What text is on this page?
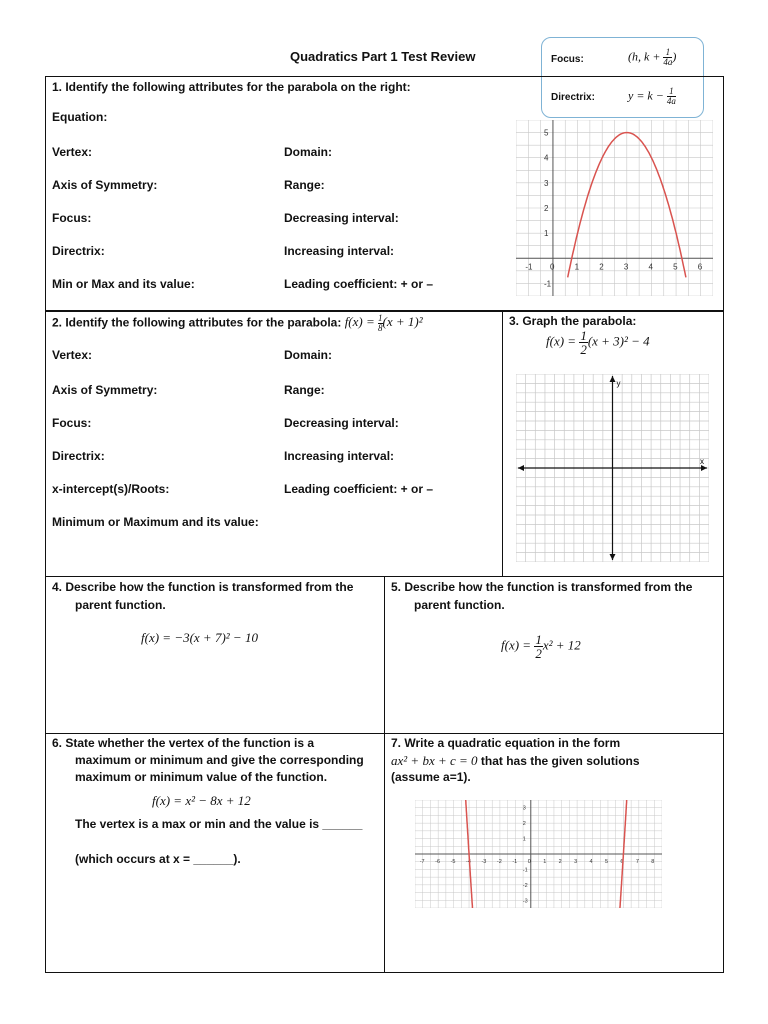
Quadratics Part 1 Test Review	Focus:	(h, $k + \frac{1}{4a}$ )
Directrix:	$y = k - \frac{1}{4a}$
1. Identify the following attributes for the parabola on the right:
Equation:
Vertex:	Domain:
Axis of Symmetry:	Range:
Focus:	Decreasing interval:
Directrix:	Increasing interval:
Min or Max and its value:	Leading coefficient: + or –
-1 0	1	2	3	4	5	6
5
4
3
2
1
-1
2. Identify the following attributes for the parabola: $f(x) = \frac{1}{8} (x + 1)^2$
Vertex:	Domain:
Axis of Symmetry:	Range:
Focus:	Decreasing interval:
Directrix:	Increasing interval:
x-intercept(s)/Roots:	Leading coefficient: + or –
Minimum or Maximum and its value:
3. Graph the parabola:
$f(x) = \frac{1}{2} (x + 3)^2 - 4$
x
y
4. Describe how the function is transformed from the
parent function.
f(x) = −3(x + 7)² − 10
5. Describe how the function is transformed from the
parent function.
$f(x) = \frac{1}{2} x^2 + 12$
6. State whether the vertex of the function is a
maximum or minimum and give the corresponding
maximum or minimum value of the function.
f(x) = x² − 8x + 12
The vertex is a max or min and the value is ______
(which occurs at x = ______).
7. Write a quadratic equation in the form
ax² + bx + c = 0 that has the given solutions
(assume a=1).
-7 -6 -5 -4 -3 -2 -1 0 1 2 3 4 5 6 7 8
3
2
1
-1
-2
-3
